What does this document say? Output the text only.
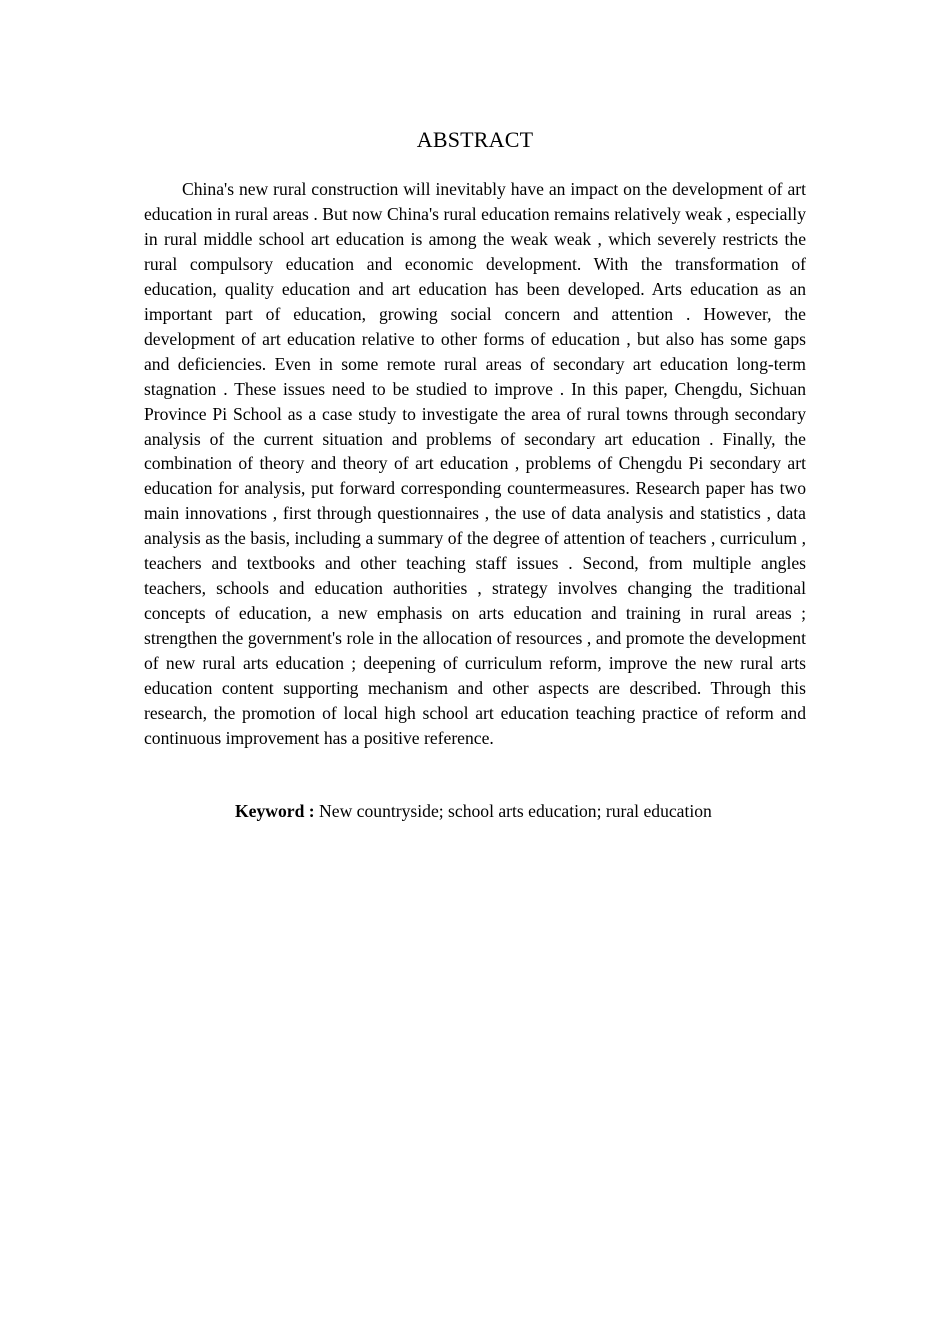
ABSTRACT

China's new rural construction will inevitably have an impact on the development of art education in rural areas . But now China's rural education remains relatively weak , especially in rural middle school art education is among the weak weak , which severely restricts the rural compulsory education and economic development. With the transformation of education, quality education and art education has been developed. Arts education as an important part of education, growing social concern and attention . However, the development of art education relative to other forms of education , but also has some gaps and deficiencies. Even in some remote rural areas of secondary art education long-term stagnation . These issues need to be studied to improve . In this paper, Chengdu, Sichuan Province Pi School as a case study to investigate the area of rural towns through secondary analysis of the current situation and problems of secondary art education . Finally, the combination of theory and theory of art education , problems of Chengdu Pi secondary art education for analysis, put forward corresponding countermeasures. Research paper has two main innovations , first through questionnaires , the use of data analysis and statistics , data analysis as the basis, including a summary of the degree of attention of teachers , curriculum , teachers and textbooks and other teaching staff issues . Second, from multiple angles teachers, schools and education authorities , strategy involves changing the traditional concepts of education, a new emphasis on arts education and training in rural areas ; strengthen the government's role in the allocation of resources , and promote the development of new rural arts education ; deepening of curriculum reform, improve the new rural arts education content supporting mechanism and other aspects are described. Through this research, the promotion of local high school art education teaching practice of reform and continuous improvement has a positive reference.

Keyword : New countryside; school arts education; rural education
